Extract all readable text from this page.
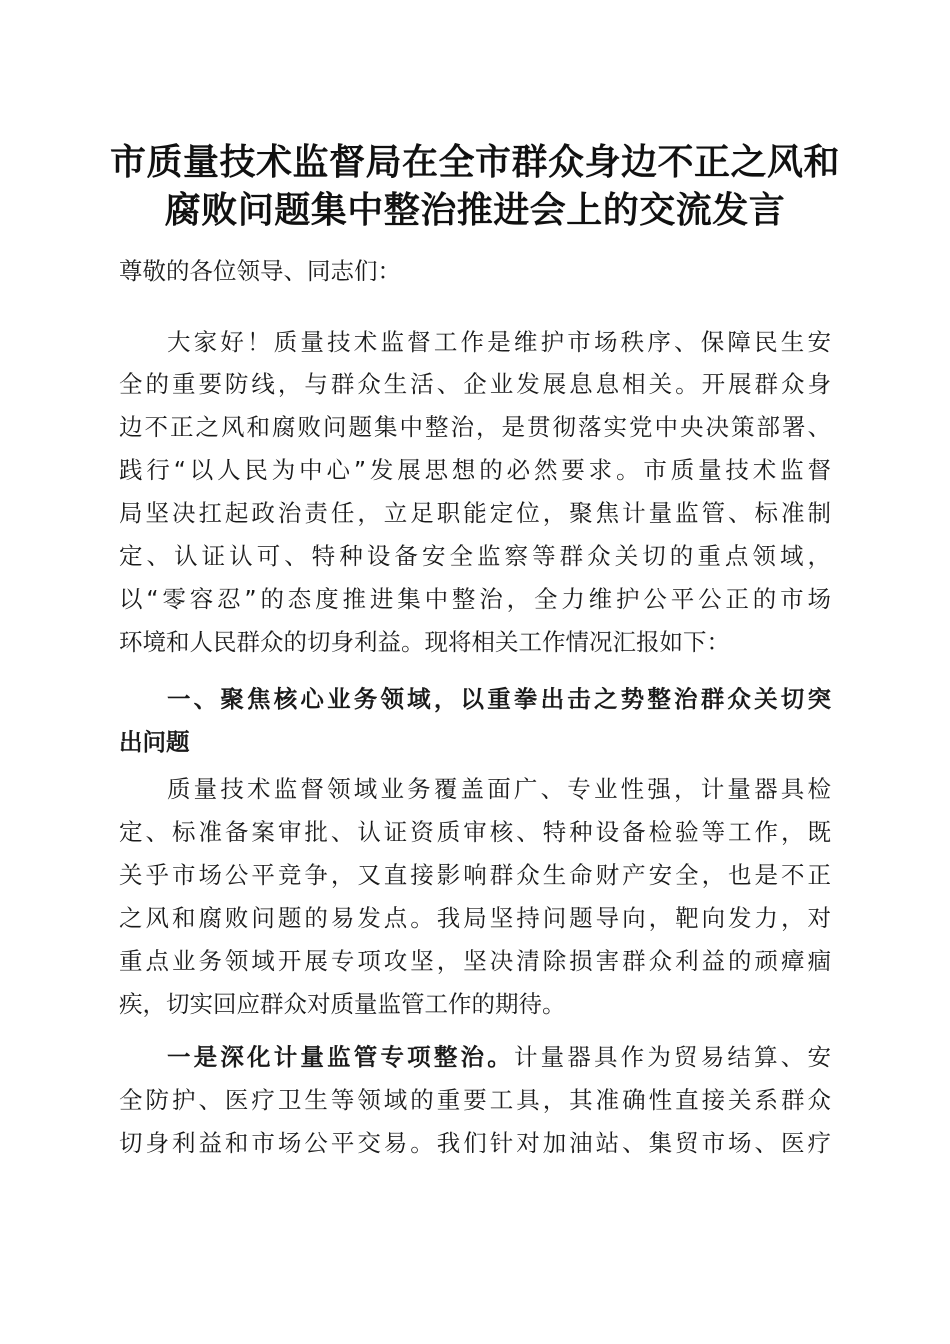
市质量技术监督局在全市群众身边不正之风和
腐败问题集中整治推进会上的交流发言
尊敬的各位领导、同志们：
大家好！质量技术监督工作是维护市场秩序、保障民生安
全的重要防线，与群众生活、企业发展息息相关。开展群众身
边不正之风和腐败问题集中整治，是贯彻落实党中央决策部署、
践行“以人民为中心”发展思想的必然要求。市质量技术监督
局坚决扛起政治责任，立足职能定位，聚焦计量监管、标准制
定、认证认可、特种设备安全监察等群众关切的重点领域，
以“零容忍”的态度推进集中整治，全力维护公平公正的市场
环境和人民群众的切身利益。现将相关工作情况汇报如下：
一、聚焦核心业务领域，以重拳出击之势整治群众关切突
出问题
质量技术监督领域业务覆盖面广、专业性强，计量器具检
定、标准备案审批、认证资质审核、特种设备检验等工作，既
关乎市场公平竞争，又直接影响群众生命财产安全，也是不正
之风和腐败问题的易发点。我局坚持问题导向，靶向发力，对
重点业务领域开展专项攻坚，坚决清除损害群众利益的顽瘴痼
疾，切实回应群众对质量监管工作的期待。
一是深化计量监管专项整治。计量器具作为贸易结算、安
全防护、医疗卫生等领域的重要工具，其准确性直接关系群众
切身利益和市场公平交易。我们针对加油站、集贸市场、医疗
